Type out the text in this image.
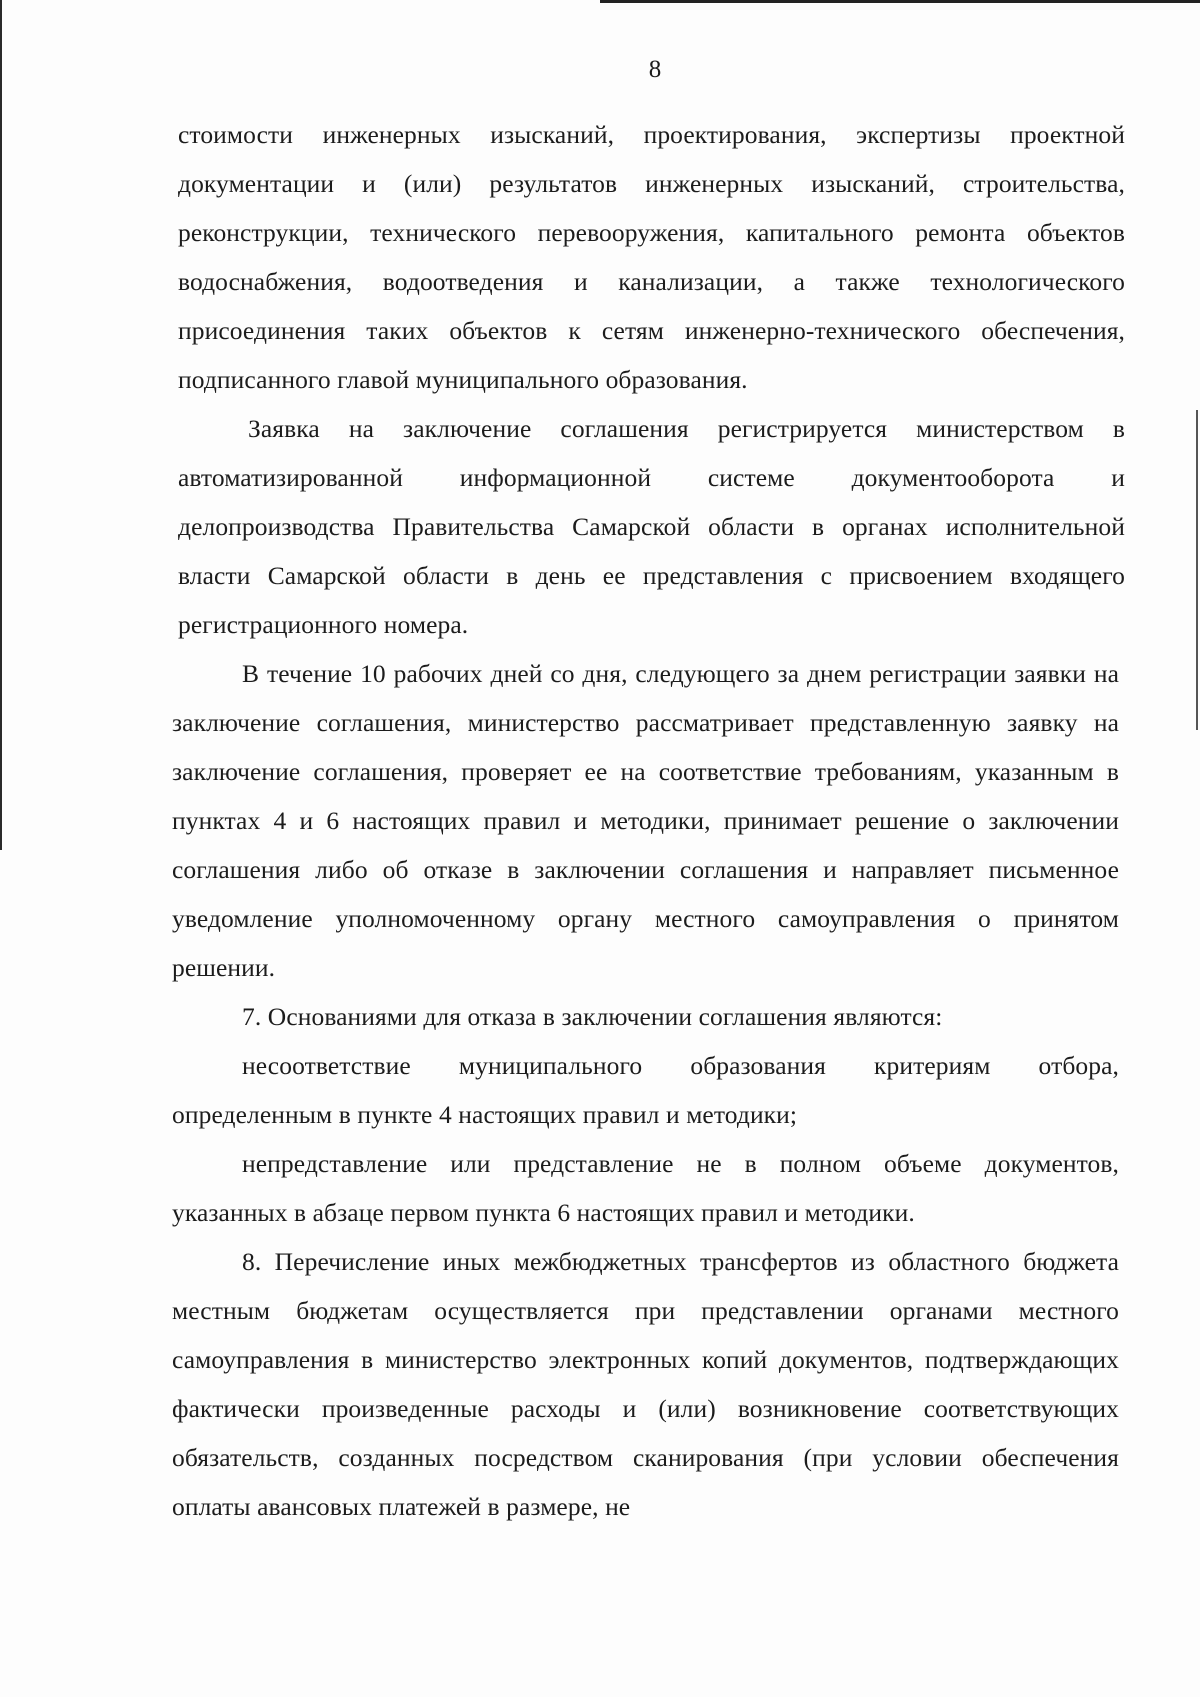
8

стоимости инженерных изысканий, проектирования, экспертизы проектной документации и (или) результатов инженерных изысканий, строительства, реконструкции, технического перевооружения, капитального ремонта объектов водоснабжения, водоотведения и канализации, а также технологического присоединения таких объектов к сетям инженерно-технического обеспечения, подписанного главой муниципального образования.

Заявка на заключение соглашения регистрируется министерством в автоматизированной информационной системе документооборота и делопроизводства Правительства Самарской области в органах исполнительной власти Самарской области в день ее представления с присвоением входящего регистрационного номера.

В течение 10 рабочих дней со дня, следующего за днем регистрации заявки на заключение соглашения, министерство рассматривает представленную заявку на заключение соглашения, проверяет ее на соответствие требованиям, указанным в пунктах 4 и 6 настоящих правил и методики, принимает решение о заключении соглашения либо об отказе в заключении соглашения и направляет письменное уведомление уполномоченному органу местного самоуправления о принятом решении.

7. Основаниями для отказа в заключении соглашения являются:

несоответствие муниципального образования критериям отбора, определенным в пункте 4 настоящих правил и методики;

непредставление или представление не в полном объеме документов, указанных в абзаце первом пункта 6 настоящих правил и методики.

8. Перечисление иных межбюджетных трансфертов из областного бюджета местным бюджетам осуществляется при представлении органами местного самоуправления в министерство электронных копий документов, подтверждающих фактически произведенные расходы и (или) возникновение соответствующих обязательств, созданных посредством сканирования (при условии обеспечения оплаты авансовых платежей в размере, не
